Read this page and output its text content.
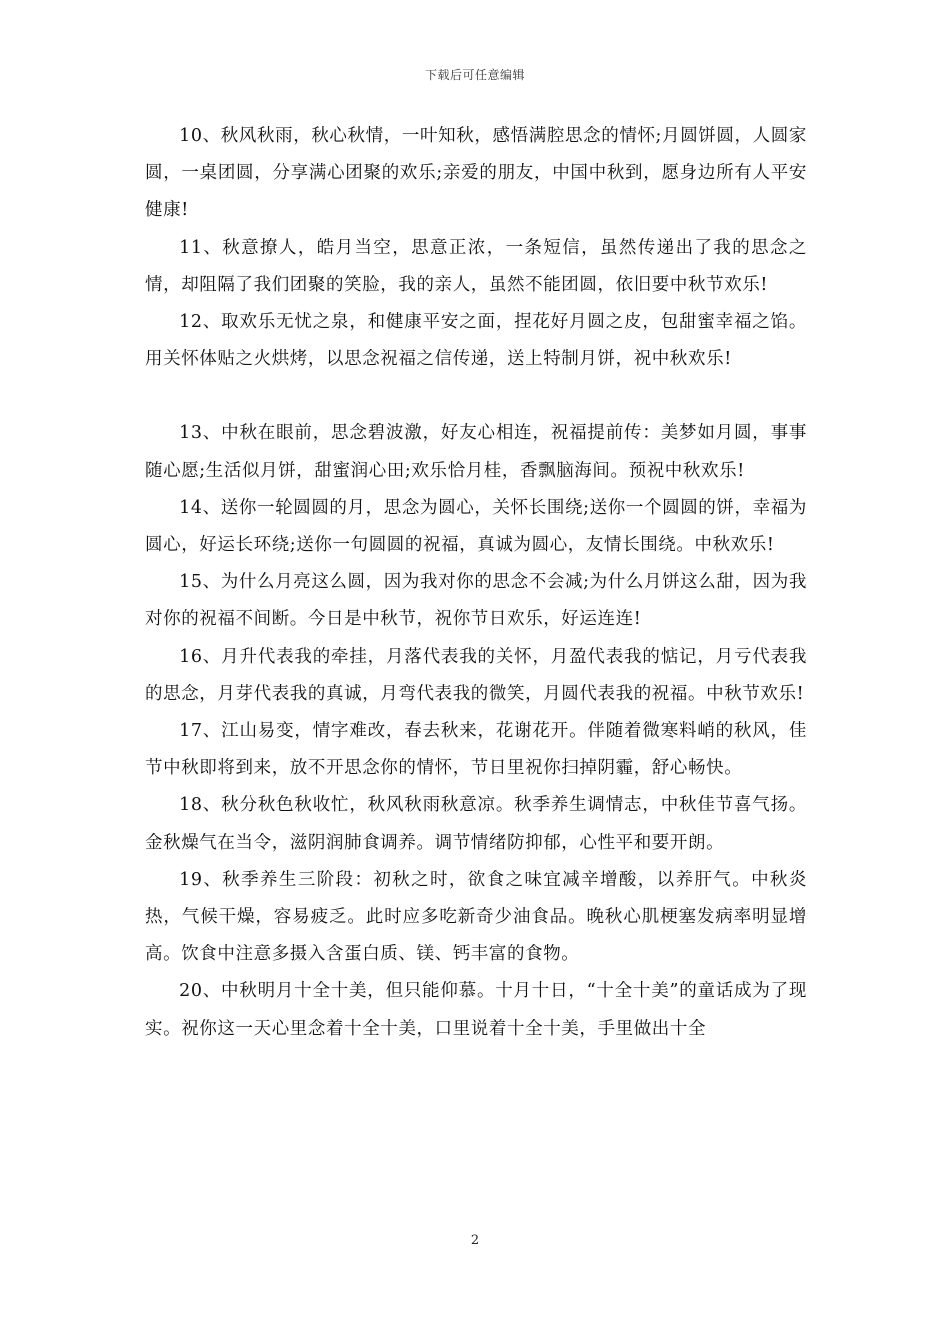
下载后可任意编辑

10、秋风秋雨，秋心秋情，一叶知秋，感悟满腔思念的情怀;月圆饼圆，人圆家圆，一桌团圆，分享满心团聚的欢乐;亲爱的朋友，中国中秋到，愿身边所有人平安健康!

11、秋意撩人，皓月当空，思意正浓，一条短信，虽然传递出了我的思念之情，却阻隔了我们团聚的笑脸，我的亲人，虽然不能团圆，依旧要中秋节欢乐!

12、取欢乐无忧之泉，和健康平安之面，捏花好月圆之皮，包甜蜜幸福之馅。用关怀体贴之火烘烤，以思念祝福之信传递，送上特制月饼，祝中秋欢乐!

13、中秋在眼前，思念碧波激，好友心相连，祝福提前传：美梦如月圆，事事随心愿;生活似月饼，甜蜜润心田;欢乐恰月桂，香飘脑海间。预祝中秋欢乐!

14、送你一轮圆圆的月，思念为圆心，关怀长围绕;送你一个圆圆的饼，幸福为圆心，好运长环绕;送你一句圆圆的祝福，真诚为圆心，友情长围绕。中秋欢乐!

15、为什么月亮这么圆，因为我对你的思念不会减;为什么月饼这么甜，因为我对你的祝福不间断。今日是中秋节，祝你节日欢乐，好运连连!

16、月升代表我的牵挂，月落代表我的关怀，月盈代表我的惦记，月亏代表我的思念，月芽代表我的真诚，月弯代表我的微笑，月圆代表我的祝福。中秋节欢乐!

17、江山易变，情字难改，春去秋来，花谢花开。伴随着微寒料峭的秋风，佳节中秋即将到来，放不开思念你的情怀，节日里祝你扫掉阴霾，舒心畅快。

18、秋分秋色秋收忙，秋风秋雨秋意凉。秋季养生调情志，中秋佳节喜气扬。金秋燥气在当令，滋阴润肺食调养。调节情绪防抑郁，心性平和要开朗。

19、秋季养生三阶段：初秋之时，欲食之味宜减辛增酸，以养肝气。中秋炎热，气候干燥，容易疲乏。此时应多吃新奇少油食品。晚秋心肌梗塞发病率明显增高。饮食中注意多摄入含蛋白质、镁、钙丰富的食物。

20、中秋明月十全十美，但只能仰慕。十月十日，“十全十美”的童话成为了现实。祝你这一天心里念着十全十美，口里说着十全十美，手里做出十全

2
